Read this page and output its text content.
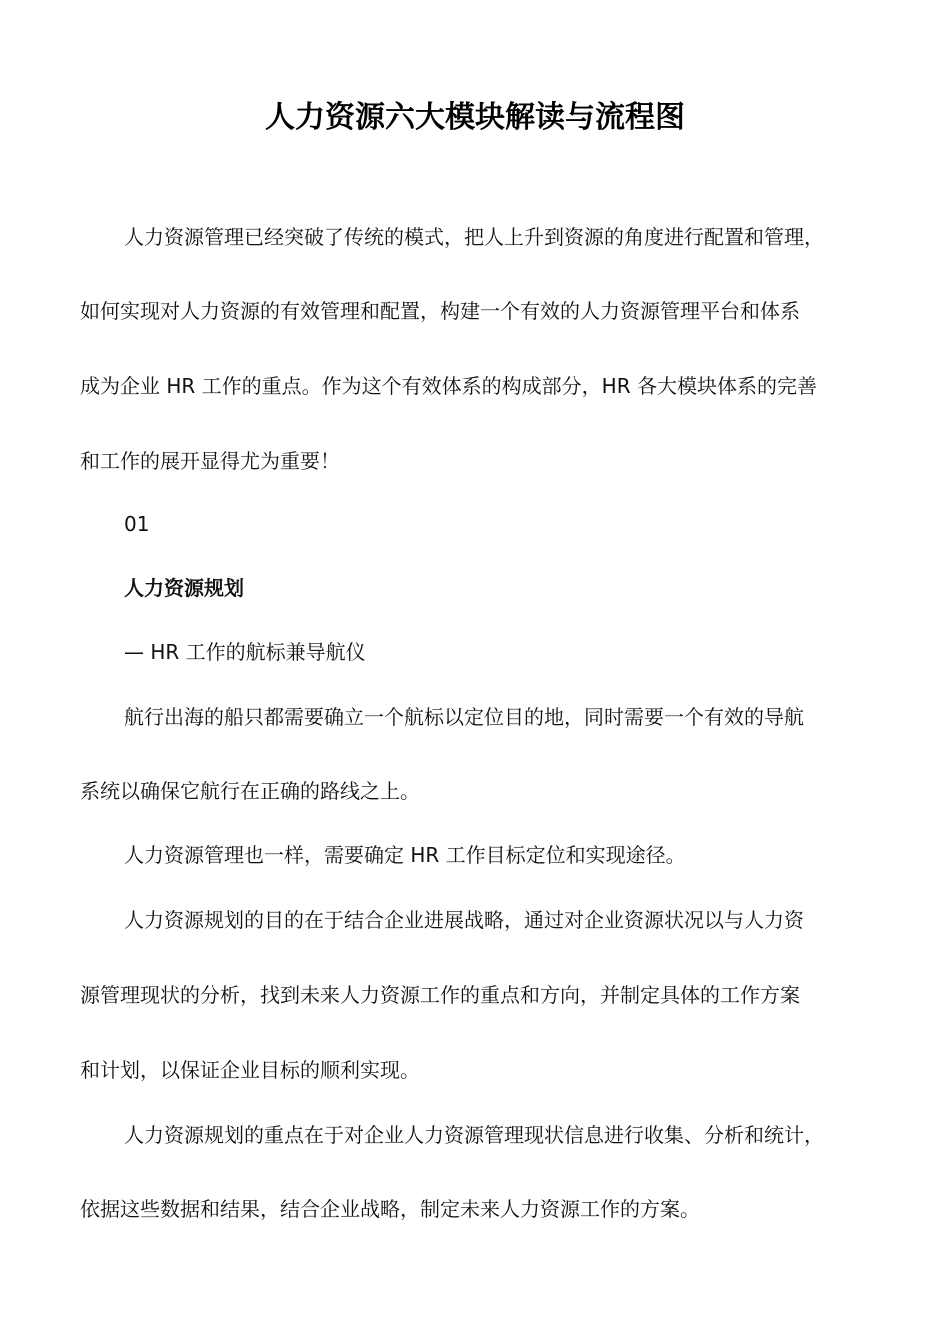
人力资源六大模块解读与流程图

人力资源管理已经突破了传统的模式，把人上升到资源的角度进行配置和管理，

如何实现对人力资源的有效管理和配置，构建一个有效的人力资源管理平台和体系

成为企业 HR 工作的重点。作为这个有效体系的构成部分，HR 各大模块体系的完善

和工作的展开显得尤为重要！

01

人力资源规划

— HR 工作的航标兼导航仪

航行出海的船只都需要确立一个航标以定位目的地，同时需要一个有效的导航

系统以确保它航行在正确的路线之上。

人力资源管理也一样，需要确定 HR 工作目标定位和实现途径。

人力资源规划的目的在于结合企业进展战略，通过对企业资源状况以与人力资

源管理现状的分析，找到未来人力资源工作的重点和方向，并制定具体的工作方案

和计划，以保证企业目标的顺利实现。

人力资源规划的重点在于对企业人力资源管理现状信息进行收集、分析和统计，

依据这些数据和结果，结合企业战略，制定未来人力资源工作的方案。
